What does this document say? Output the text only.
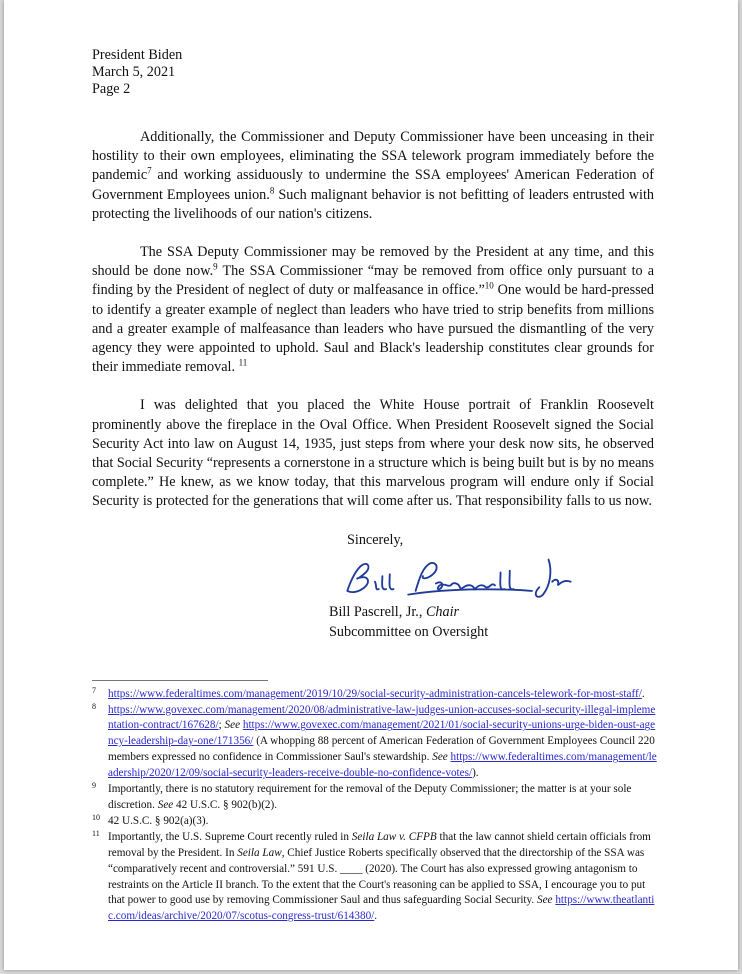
President Biden
March 5, 2021
Page 2

Additionally, the Commissioner and Deputy Commissioner have been unceasing in their hostility to their own employees, eliminating the SSA telework program immediately before the pandemic$^7$ and working assiduously to undermine the SSA employees' American Federation of Government Employees union.$^8$ Such malignant behavior is not befitting of leaders entrusted with protecting the livelihoods of our nation's citizens.

The SSA Deputy Commissioner may be removed by the President at any time, and this should be done now.$^9$ The SSA Commissioner “may be removed from office only pursuant to a finding by the President of neglect of duty or malfeasance in office.”$^{10}$ One would be hard-pressed to identify a greater example of neglect than leaders who have tried to strip benefits from millions and a greater example of malfeasance than leaders who have pursued the dismantling of the very agency they were appointed to uphold. Saul and Black's leadership constitutes clear grounds for their immediate removal. $^{11}$

I was delighted that you placed the White House portrait of Franklin Roosevelt prominently above the fireplace in the Oval Office. When President Roosevelt signed the Social Security Act into law on August 14, 1935, just steps from where your desk now sits, he observed that Social Security “represents a cornerstone in a structure which is being built but is by no means complete.” He knew, as we know today, that this marvelous program will endure only if Social Security is protected for the generations that will come after us. That responsibility falls to us now.

Sincerely,
Bill Pascrell, Jr., Chair
Subcommittee on Oversight
7 https://www.federaltimes.com/management/2019/10/29/social-security-administration-cancels-telework-for-most-staff/.
8 https://www.govexec.com/management/2020/08/administrative-law-judges-union-accuses-social-security-illegal-implementation-contract/167628/; See https://www.govexec.com/management/2021/01/social-security-unions-urge-biden-oust-agency-leadership-day-one/171356/ (A whopping 88 percent of American Federation of Government Employees Council 220 members expressed no confidence in Commissioner Saul's stewardship. See https://www.federaltimes.com/management/leadership/2020/12/09/social-security-leaders-receive-double-no-confidence-votes/).
9 Importantly, there is no statutory requirement for the removal of the Deputy Commissioner; the matter is at your sole discretion. See 42 U.S.C. § 902(b)(2).
10 42 U.S.C. § 902(a)(3).
11 Importantly, the U.S. Supreme Court recently ruled in Seila Law v. CFPB that the law cannot shield certain officials from removal by the President. In Seila Law, Chief Justice Roberts specifically observed that the directorship of the SSA was “comparatively recent and controversial.” 591 U.S. ____ (2020). The Court has also expressed growing antagonism to restraints on the Article II branch. To the extent that the Court's reasoning can be applied to SSA, I encourage you to put that power to good use by removing Commissioner Saul and thus safeguarding Social Security. See https://www.theatlantic.com/ideas/archive/2020/07/scotus-congress-trust/614380/.
